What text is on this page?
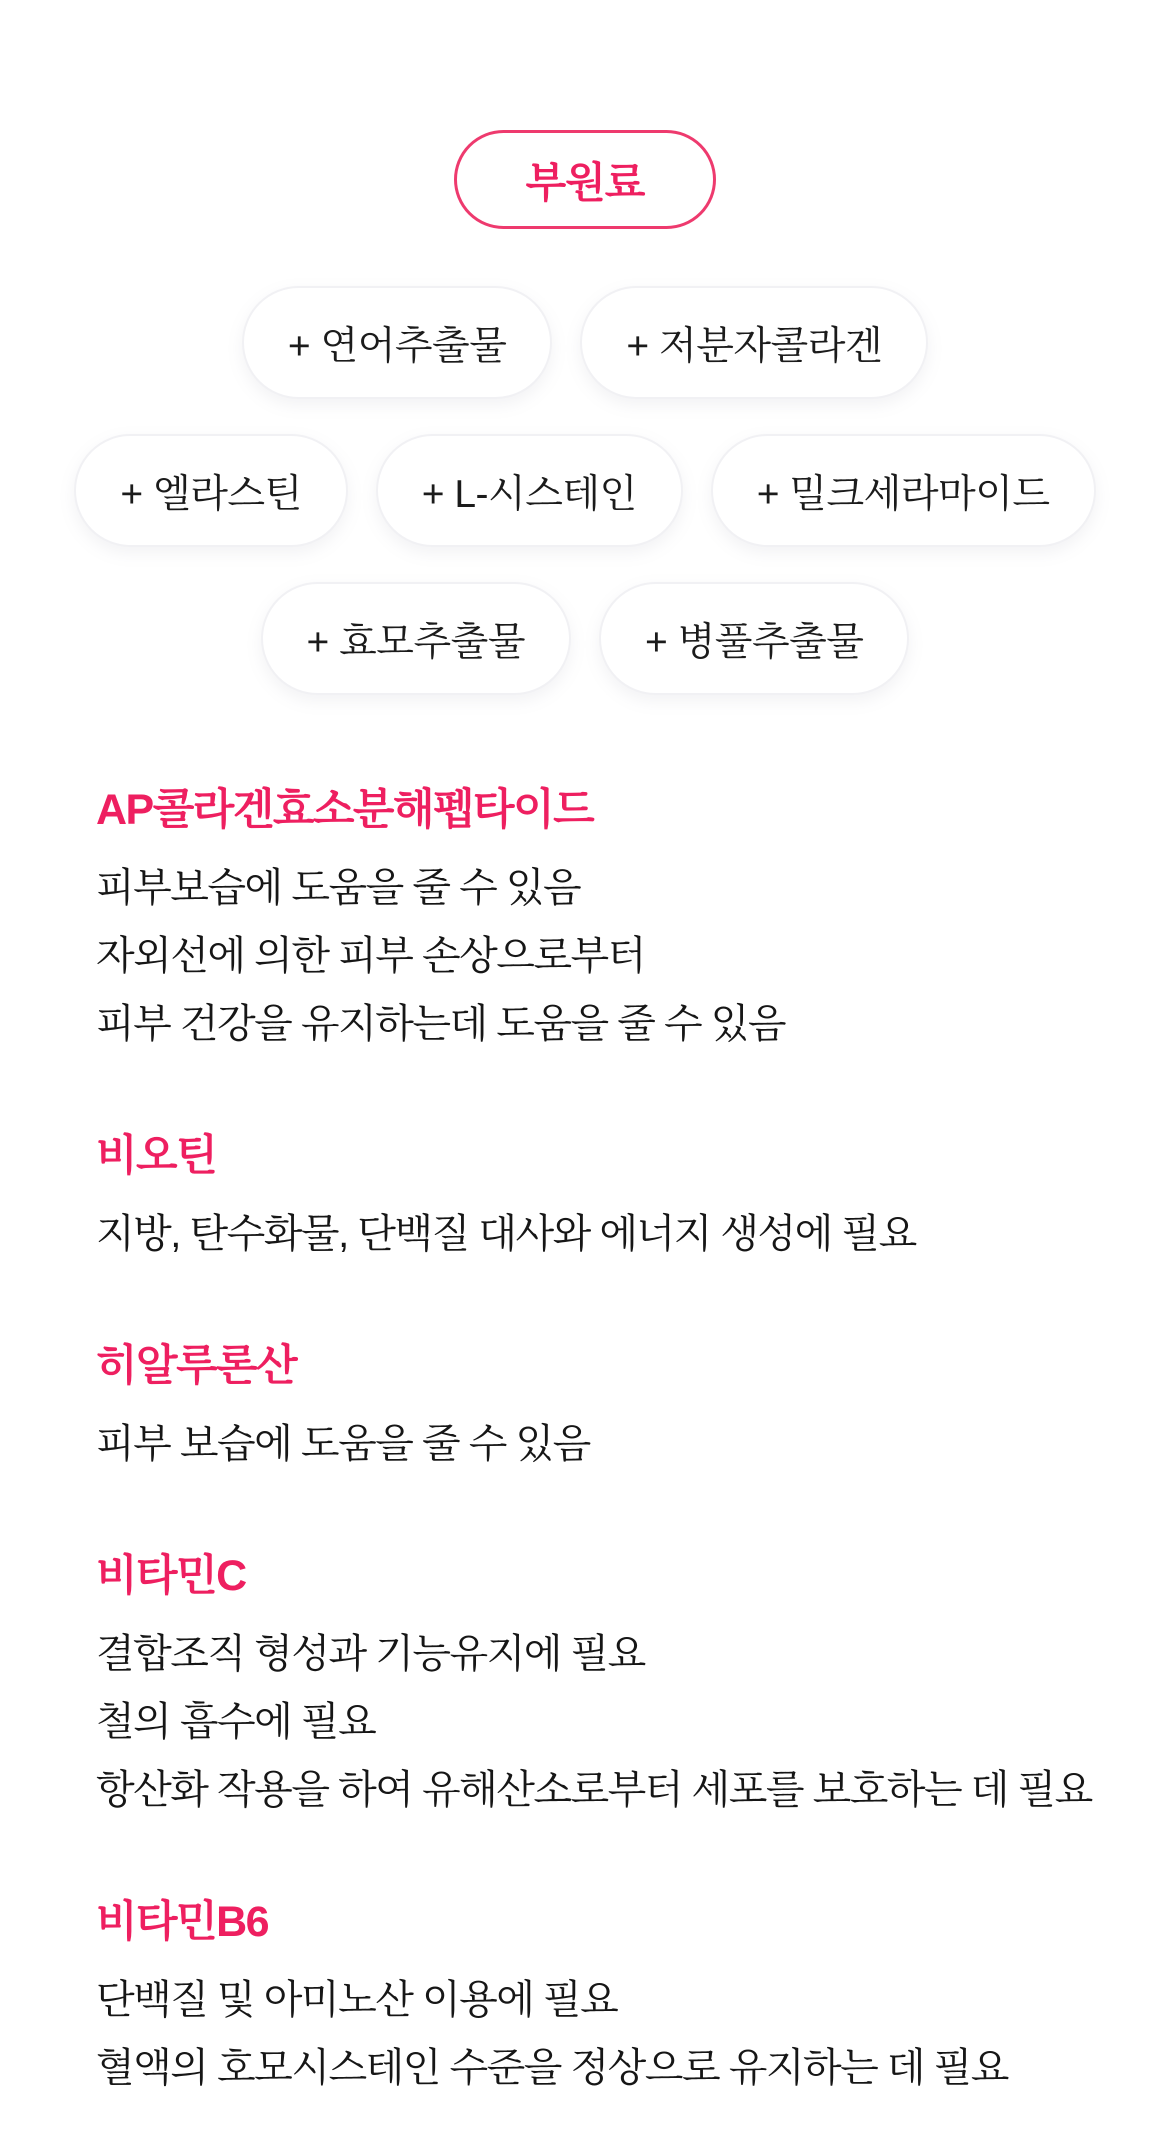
부원료
+ 연어추출물	+ 저분자콜라겐
+ 엘라스틴	+ L-시스테인	+ 밀크세라마이드
+ 효모추출물	+ 병풀추출물
AP콜라겐효소분해펩타이드

피부보습에 도움을 줄 수 있음

자외선에 의한 피부 손상으로부터

피부 건강을 유지하는데 도움을 줄 수 있음

비오틴

지방, 탄수화물, 단백질 대사와 에너지 생성에 필요

히알루론산

피부 보습에 도움을 줄 수 있음

비타민C

결합조직 형성과 기능유지에 필요

철의 흡수에 필요

항산화 작용을 하여 유해산소로부터 세포를 보호하는 데 필요

비타민B6

단백질 및 아미노산 이용에 필요

혈액의 호모시스테인 수준을 정상으로 유지하는 데 필요
